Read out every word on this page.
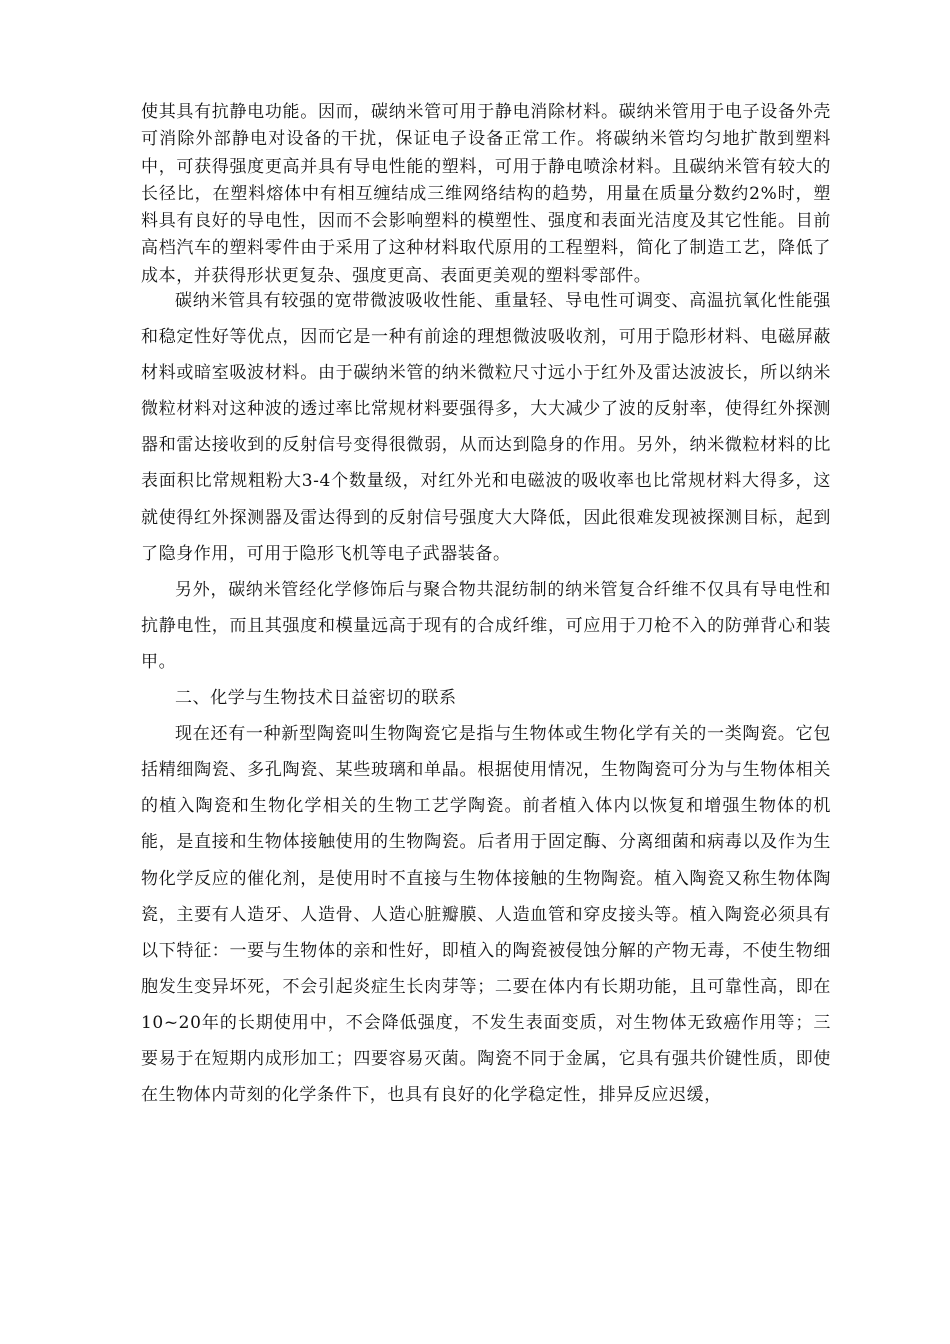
使其具有抗静电功能。因而，碳纳米管可用于静电消除材料。碳纳米管用于电子设备外壳可消除外部静电对设备的干扰，保证电子设备正常工作。将碳纳米管均匀地扩散到塑料中，可获得强度更高并具有导电性能的塑料，可用于静电喷涂材料。且碳纳米管有较大的长径比，在塑料熔体中有相互缠结成三维网络结构的趋势，用量在质量分数约2%时，塑料具有良好的导电性，因而不会影响塑料的模塑性、强度和表面光洁度及其它性能。目前高档汽车的塑料零件由于采用了这种材料取代原用的工程塑料，简化了制造工艺，降低了成本，并获得形状更复杂、强度更高、表面更美观的塑料零部件。

碳纳米管具有较强的宽带微波吸收性能、重量轻、导电性可调变、高温抗氧化性能强和稳定性好等优点，因而它是一种有前途的理想微波吸收剂，可用于隐形材料、电磁屏蔽材料或暗室吸波材料。由于碳纳米管的纳米微粒尺寸远小于红外及雷达波波长，所以纳米微粒材料对这种波的透过率比常规材料要强得多，大大减少了波的反射率，使得红外探测器和雷达接收到的反射信号变得很微弱，从而达到隐身的作用。另外，纳米微粒材料的比表面积比常规粗粉大3-4个数量级，对红外光和电磁波的吸收率也比常规材料大得多，这就使得红外探测器及雷达得到的反射信号强度大大降低，因此很难发现被探测目标，起到了隐身作用，可用于隐形飞机等电子武器装备。

另外，碳纳米管经化学修饰后与聚合物共混纺制的纳米管复合纤维不仅具有导电性和抗静电性，而且其强度和模量远高于现有的合成纤维，可应用于刀枪不入的防弹背心和装甲。

二、化学与生物技术日益密切的联系

现在还有一种新型陶瓷叫生物陶瓷它是指与生物体或生物化学有关的一类陶瓷。它包括精细陶瓷、多孔陶瓷、某些玻璃和单晶。根据使用情况，生物陶瓷可分为与生物体相关的植入陶瓷和生物化学相关的生物工艺学陶瓷。前者植入体内以恢复和增强生物体的机能，是直接和生物体接触使用的生物陶瓷。后者用于固定酶、分离细菌和病毒以及作为生物化学反应的催化剂，是使用时不直接与生物体接触的生物陶瓷。植入陶瓷又称生物体陶瓷，主要有人造牙、人造骨、人造心脏瓣膜、人造血管和穿皮接头等。植入陶瓷必须具有以下特征：一要与生物体的亲和性好，即植入的陶瓷被侵蚀分解的产物无毒，不使生物细胞发生变异坏死，不会引起炎症生长肉芽等；二要在体内有长期功能，且可靠性高，即在10~20年的长期使用中，不会降低强度，不发生表面变质，对生物体无致癌作用等；三要易于在短期内成形加工；四要容易灭菌。陶瓷不同于金属，它具有强共价键性质，即使在生物体内苛刻的化学条件下，也具有良好的化学稳定性，排异反应迟缓，
